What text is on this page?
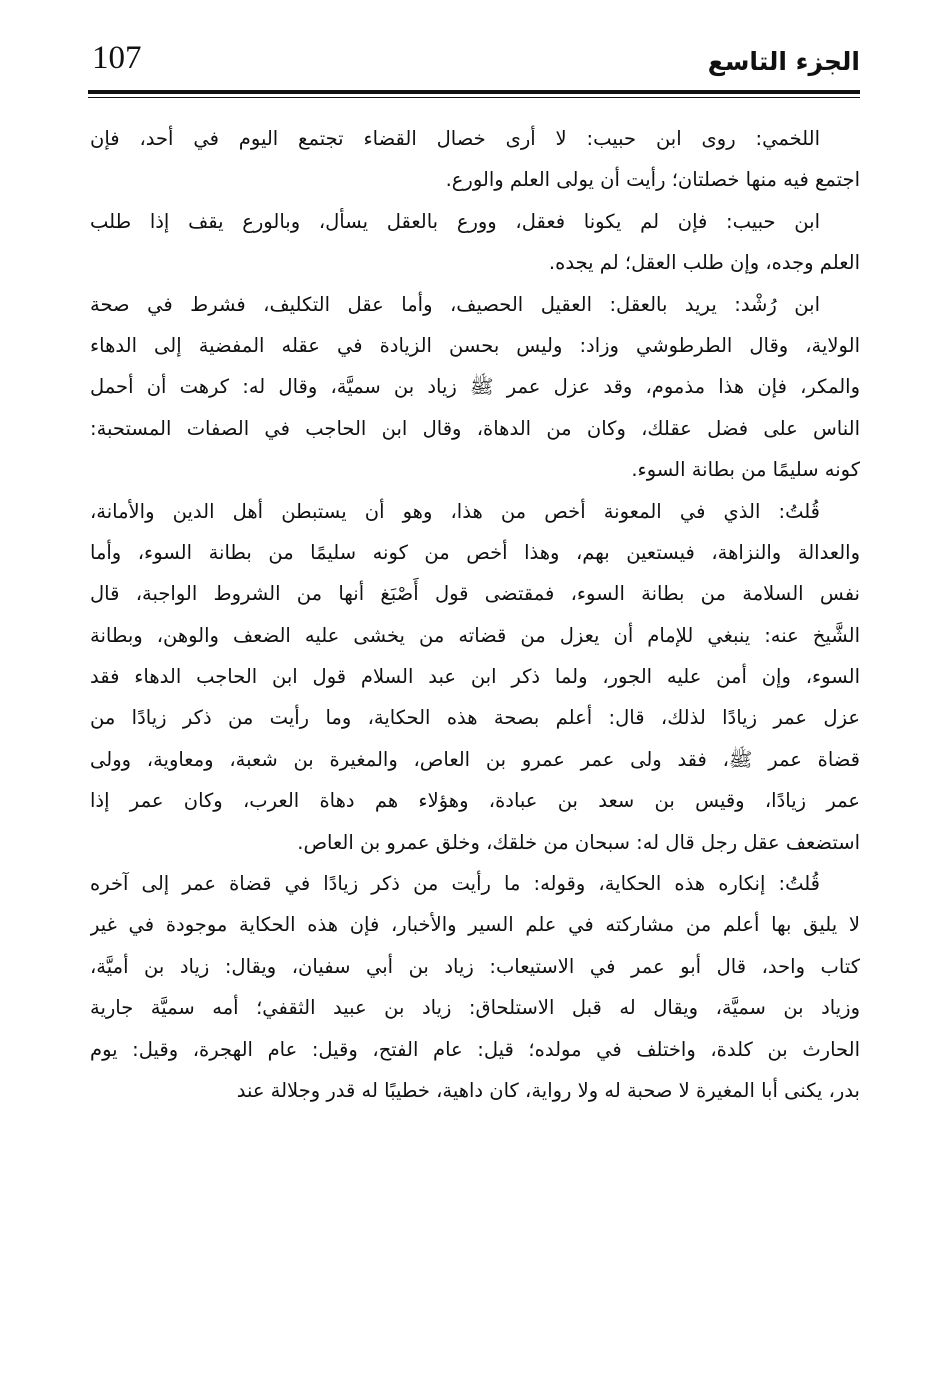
107	الجزء التاسع
اللخمي: روى ابن حبيب: لا أرى خصال القضاء تجتمع اليوم في أحد، فإن
اجتمع فيه منها خصلتان؛ رأيت أن يولى العلم والورع.
ابن حبيب: فإن لم يكونا فعقل، وورع بالعقل يسأل، وبالورع يقف إذا طلب
العلم وجده، وإن طلب العقل؛ لم يجده.
ابن رُشْد: يريد بالعقل: العقيل الحصيف، وأما عقل التكليف، فشرط في صحة
الولاية، وقال الطرطوشي وزاد: وليس بحسن الزيادة في عقله المفضية إلى الدهاء
والمكر، فإن هذا مذموم، وقد عزل عمر ﷺ زياد بن سميَّة، وقال له: كرهت أن أحمل
الناس على فضل عقلك، وكان من الدهاة، وقال ابن الحاجب في الصفات المستحبة:
كونه سليمًا من بطانة السوء.
قُلتُ: الذي في المعونة أخص من هذا، وهو أن يستبطن أهل الدين والأمانة،
والعدالة والنزاهة، فيستعين بهم، وهذا أخص من كونه سليمًا من بطانة السوء، وأما
نفس السلامة من بطانة السوء، فمقتضى قول أَصْبَغ أنها من الشروط الواجبة، قال
الشَّيخ عنه: ينبغي للإمام أن يعزل من قضاته من يخشى عليه الضعف والوهن، وبطانة
السوء، وإن أمن عليه الجور، ولما ذكر ابن عبد السلام قول ابن الحاجب الدهاء فقد
عزل عمر زيادًا لذلك، قال: أعلم بصحة هذه الحكاية، وما رأيت من ذكر زيادًا من
قضاة عمر ﷺ، فقد ولى عمر عمرو بن العاص، والمغيرة بن شعبة، ومعاوية، وولى
عمر زيادًا، وقيس بن سعد بن عبادة، وهؤلاء هم دهاة العرب، وكان عمر إذا
استضعف عقل رجل قال له: سبحان من خلقك، وخلق عمرو بن العاص.
قُلتُ: إنكاره هذه الحكاية، وقوله: ما رأيت من ذكر زيادًا في قضاة عمر إلى آخره
لا يليق بها أعلم من مشاركته في علم السير والأخبار، فإن هذه الحكاية موجودة في غير
كتاب واحد، قال أبو عمر في الاستيعاب: زياد بن أبي سفيان، ويقال: زياد بن أميَّة،
وزياد بن سميَّة، ويقال له قبل الاستلحاق: زياد بن عبيد الثقفي؛ أمه سميَّة جارية
الحارث بن كلدة، واختلف في مولده؛ قيل: عام الفتح، وقيل: عام الهجرة، وقيل: يوم
بدر، يكنى أبا المغيرة لا صحبة له ولا رواية، كان داهية، خطيبًا له قدر وجلالة عند
